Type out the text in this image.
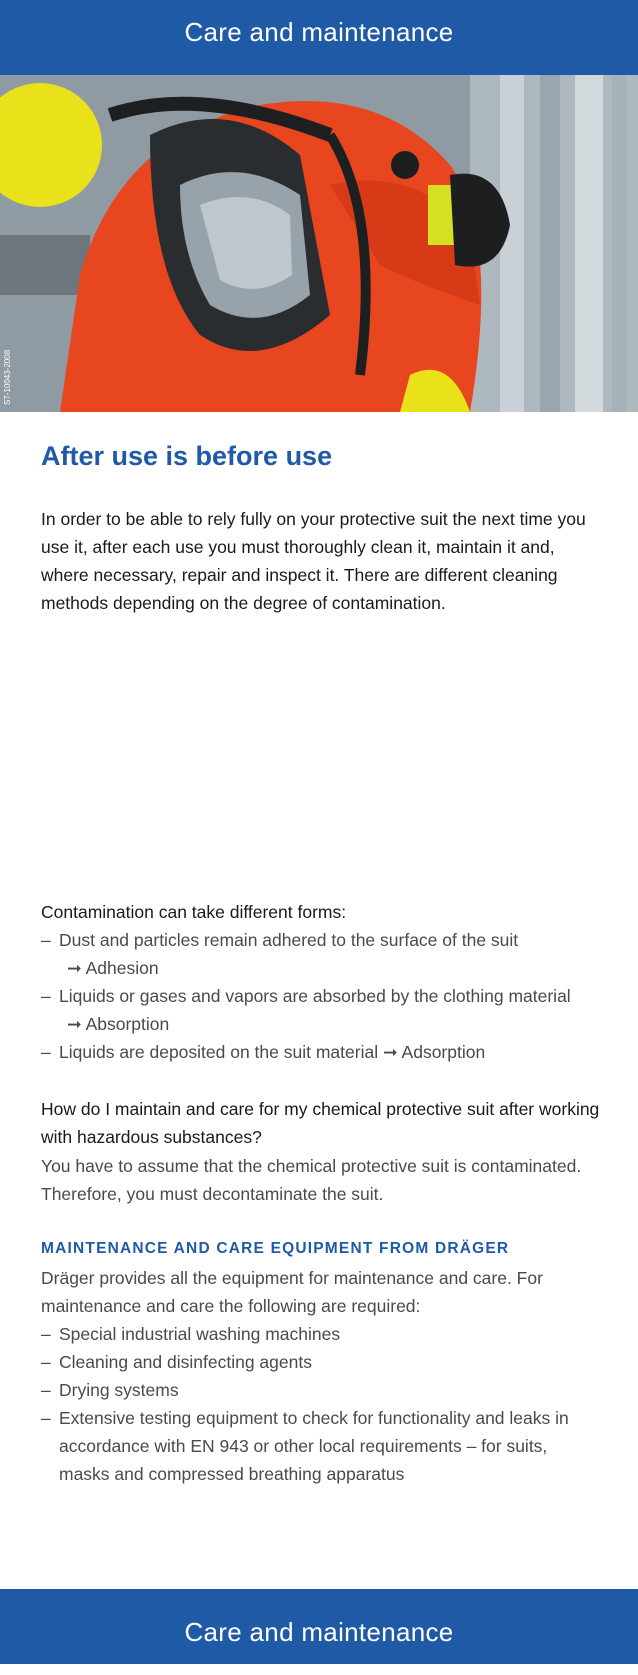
Care and maintenance
ST-10043-2008
After use is before use

In order to be able to rely fully on your protective suit the next time you use it, after each use you must thoroughly clean it, maintain it and, where necessary, repair and inspect it. There are different cleaning methods depending on the degree of contamination.

Contamination can take different forms:

– Dust and particles remain adhered to the surface of the suit
➞ Adhesion
– Liquids or gases and vapors are absorbed by the clothing material
➞ Absorption
– Liquids are deposited on the suit material ➞ Adsorption

How do I maintain and care for my chemical protective suit after working with hazardous substances?

You have to assume that the chemical protective suit is contaminated. Therefore, you must decontaminate the suit.

MAINTENANCE AND CARE EQUIPMENT FROM DRÄGER

Dräger provides all the equipment for maintenance and care. For maintenance and care the following are required:

– Special industrial washing machines
– Cleaning and disinfecting agents
– Drying systems
– Extensive testing equipment to check for functionality and leaks in accordance with EN 943 or other local requirements – for suits, masks and compressed breathing apparatus
Care and maintenance
